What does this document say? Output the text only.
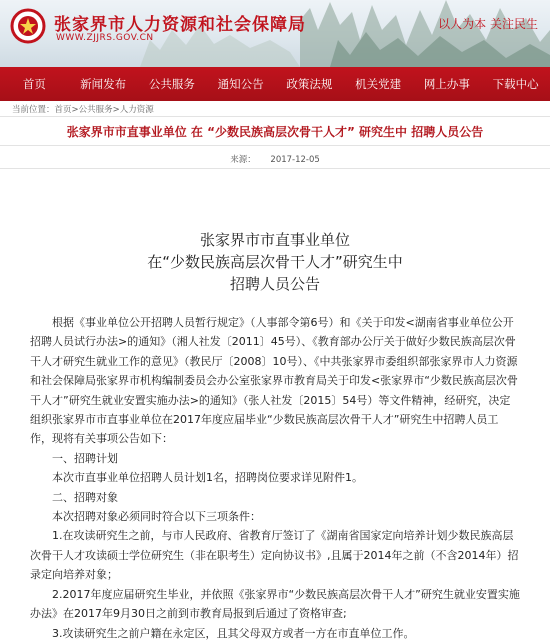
张家界市人力资源和社会保障局
WWW.ZJJRS.GOV.CN
以人为本 关注民生
首页	新闻发布	公共服务	通知公告	政策法规	机关党建	网上办事	下载中心
当前位置：首页>公共服务>人力资源
张家界市市直事业单位 在 “少数民族高层次骨干人才” 研究生中 招聘人员公告
来源： 2017-12-05
张家界市市直事业单位
在“少数民族高层次骨干人才”研究生中
招聘人员公告

根据《事业单位公开招聘人员暂行规定》（人事部令第6号）和《关于印发<湖南省事业单位公开招聘人员试行办法>的通知》（湘人社发〔2011〕45号）、《教育部办公厅关于做好少数民族高层次骨干人才研究生就业工作的意见》（教民厅〔2008〕10号）、《中共张家界市委组织部张家界市人力资源和社会保障局张家界市机构编制委员会办公室张家界市教育局关于印发<张家界市“少数民族高层次骨干人才”研究生就业安置实施办法>的通知》（张人社发〔2015〕54号）等文件精神，经研究，决定组织张家界市市直事业单位在2017年度应届毕业“少数民族高层次骨干人才”研究生中招聘人员工作，现将有关事项公告如下：

一、招聘计划

本次市直事业单位招聘人员计划1名，招聘岗位要求详见附件1。

二、招聘对象

本次招聘对象必须同时符合以下三项条件：

1.在攻读研究生之前，与市人民政府、省教育厅签订了《湖南省国家定向培养计划少数民族高层次骨干人才攻读硕士学位研究生（非在职考生）定向协议书》,且属于2014年之前（不含2014年）招录定向培养对象；

2.2017年度应届研究生毕业，并依照《张家界市“少数民族高层次骨干人才”研究生就业安置实施办法》在2017年9月30日之前到市教育局报到后通过了资格审查;

3.攻读研究生之前户籍在永定区，且其父母双方或者一方在市直单位工作。
